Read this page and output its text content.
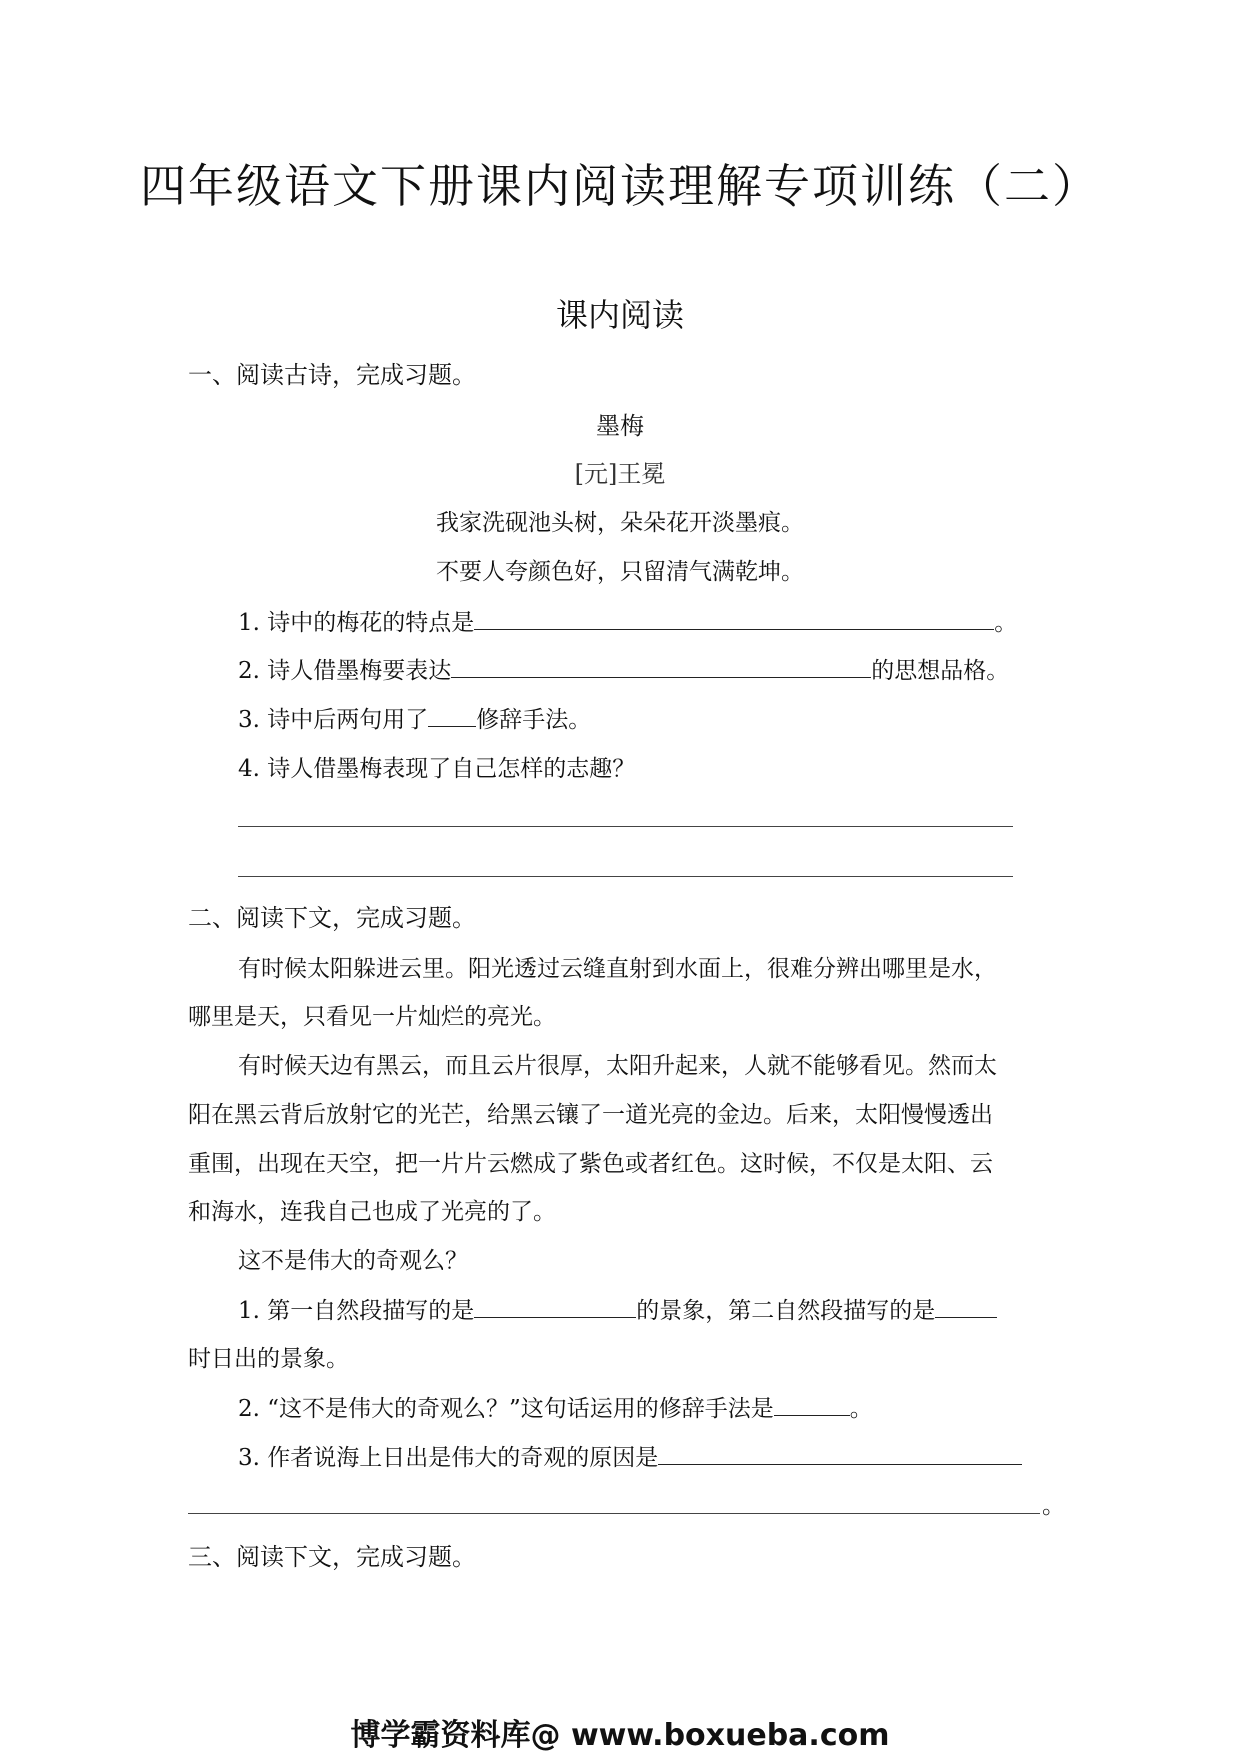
四年级语文下册课内阅读理解专项训练（二）
课内阅读
一、阅读古诗，完成习题。
墨梅
[元]王冕
我家洗砚池头树，朵朵花开淡墨痕。
不要人夸颜色好，只留清气满乾坤。
1. 诗中的梅花的特点是	。
2. 诗人借墨梅要表达	的思想品格。
3. 诗中后两句用了 修辞手法。
4. 诗人借墨梅表现了自己怎样的志趣？
二、阅读下文，完成习题。
有时候太阳躲进云里。阳光透过云缝直射到水面上，很难分辨出哪里是水，
哪里是天，只看见一片灿烂的亮光。
有时候天边有黑云，而且云片很厚，太阳升起来，人就不能够看见。然而太
阳在黑云背后放射它的光芒，给黑云镶了一道光亮的金边。后来，太阳慢慢透出
重围，出现在天空，把一片片云燃成了紫色或者红色。这时候，不仅是太阳、云
和海水，连我自己也成了光亮的了。
这不是伟大的奇观么？
1. 第一自然段描写的是	的景象，第二自然段描写的是
时日出的景象。
2. “这不是伟大的奇观么？”这句话运用的修辞手法是	。
3. 作者说海上日出是伟大的奇观的原因是
。
三、阅读下文，完成习题。
博学霸资料库@ www.boxueba.com
